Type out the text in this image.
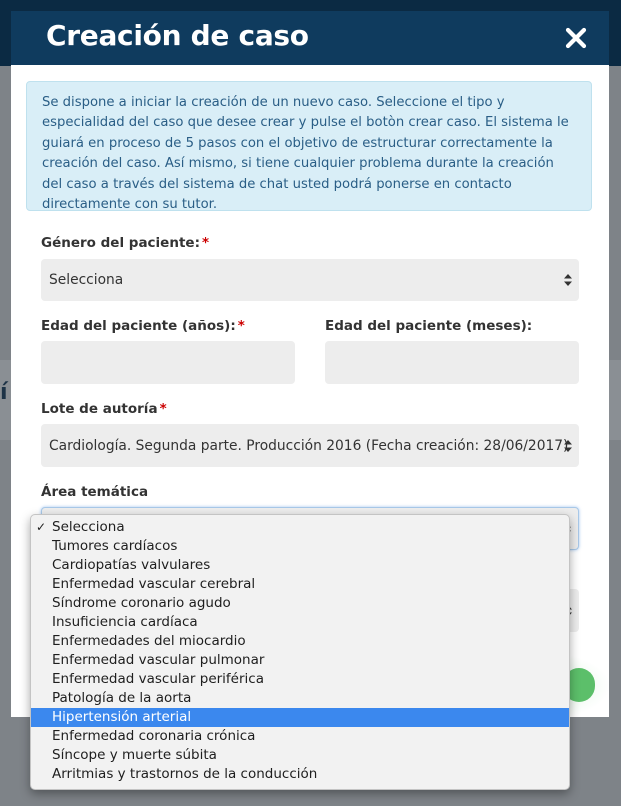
í
Creación de caso
Se dispone a iniciar la creación de un nuevo caso. Seleccione el tipo y especialidad del caso que desee crear y pulse el botòn crear caso. El sistema le guiará en proceso de 5 pasos con el objetivo de estructurar correctamente la creación del caso. Así mismo, si tiene cualquier problema durante la creación del caso a través del sistema de chat usted podrá ponerse en contacto directamente con su tutor.
Género del paciente: *
Selecciona
Edad del paciente (años): *	Edad del paciente (meses):
Lote de autoría *
Cardiología. Segunda parte. Producción 2016 (Fecha creación: 28/06/2017)
Área temática
✓ Selecciona
Tumores cardíacos
Cardiopatías valvulares
Enfermedad vascular cerebral
Síndrome coronario agudo
Insuficiencia cardíaca
Enfermedades del miocardio
Enfermedad vascular pulmonar
Enfermedad vascular periférica
Patología de la aorta
Hipertensión arterial
Enfermedad coronaria crónica
Síncope y muerte súbita
Arritmias y trastornos de la conducción
